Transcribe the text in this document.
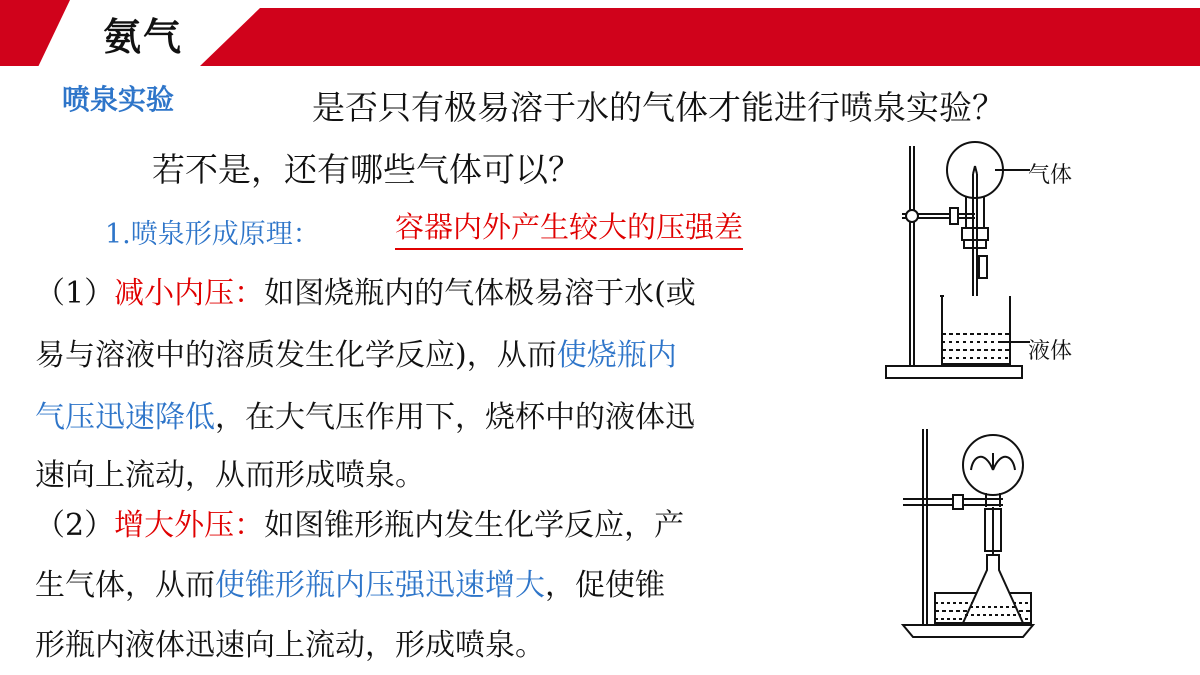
氨气
喷泉实验	是否只有极易溶于水的气体才能进行喷泉实验？
若不是，还有哪些气体可以？
1.喷泉形成原理：	容器内外产生较大的压强差
（1）减小内压：如图烧瓶内的气体极易溶于水(或
易与溶液中的溶质发生化学反应)，从而使烧瓶内
气压迅速降低，在大气压作用下，烧杯中的液体迅
速向上流动，从而形成喷泉。
（2）增大外压：如图锥形瓶内发生化学反应，产
生气体，从而使锥形瓶内压强迅速增大，促使锥
形瓶内液体迅速向上流动，形成喷泉。
气体
液体
